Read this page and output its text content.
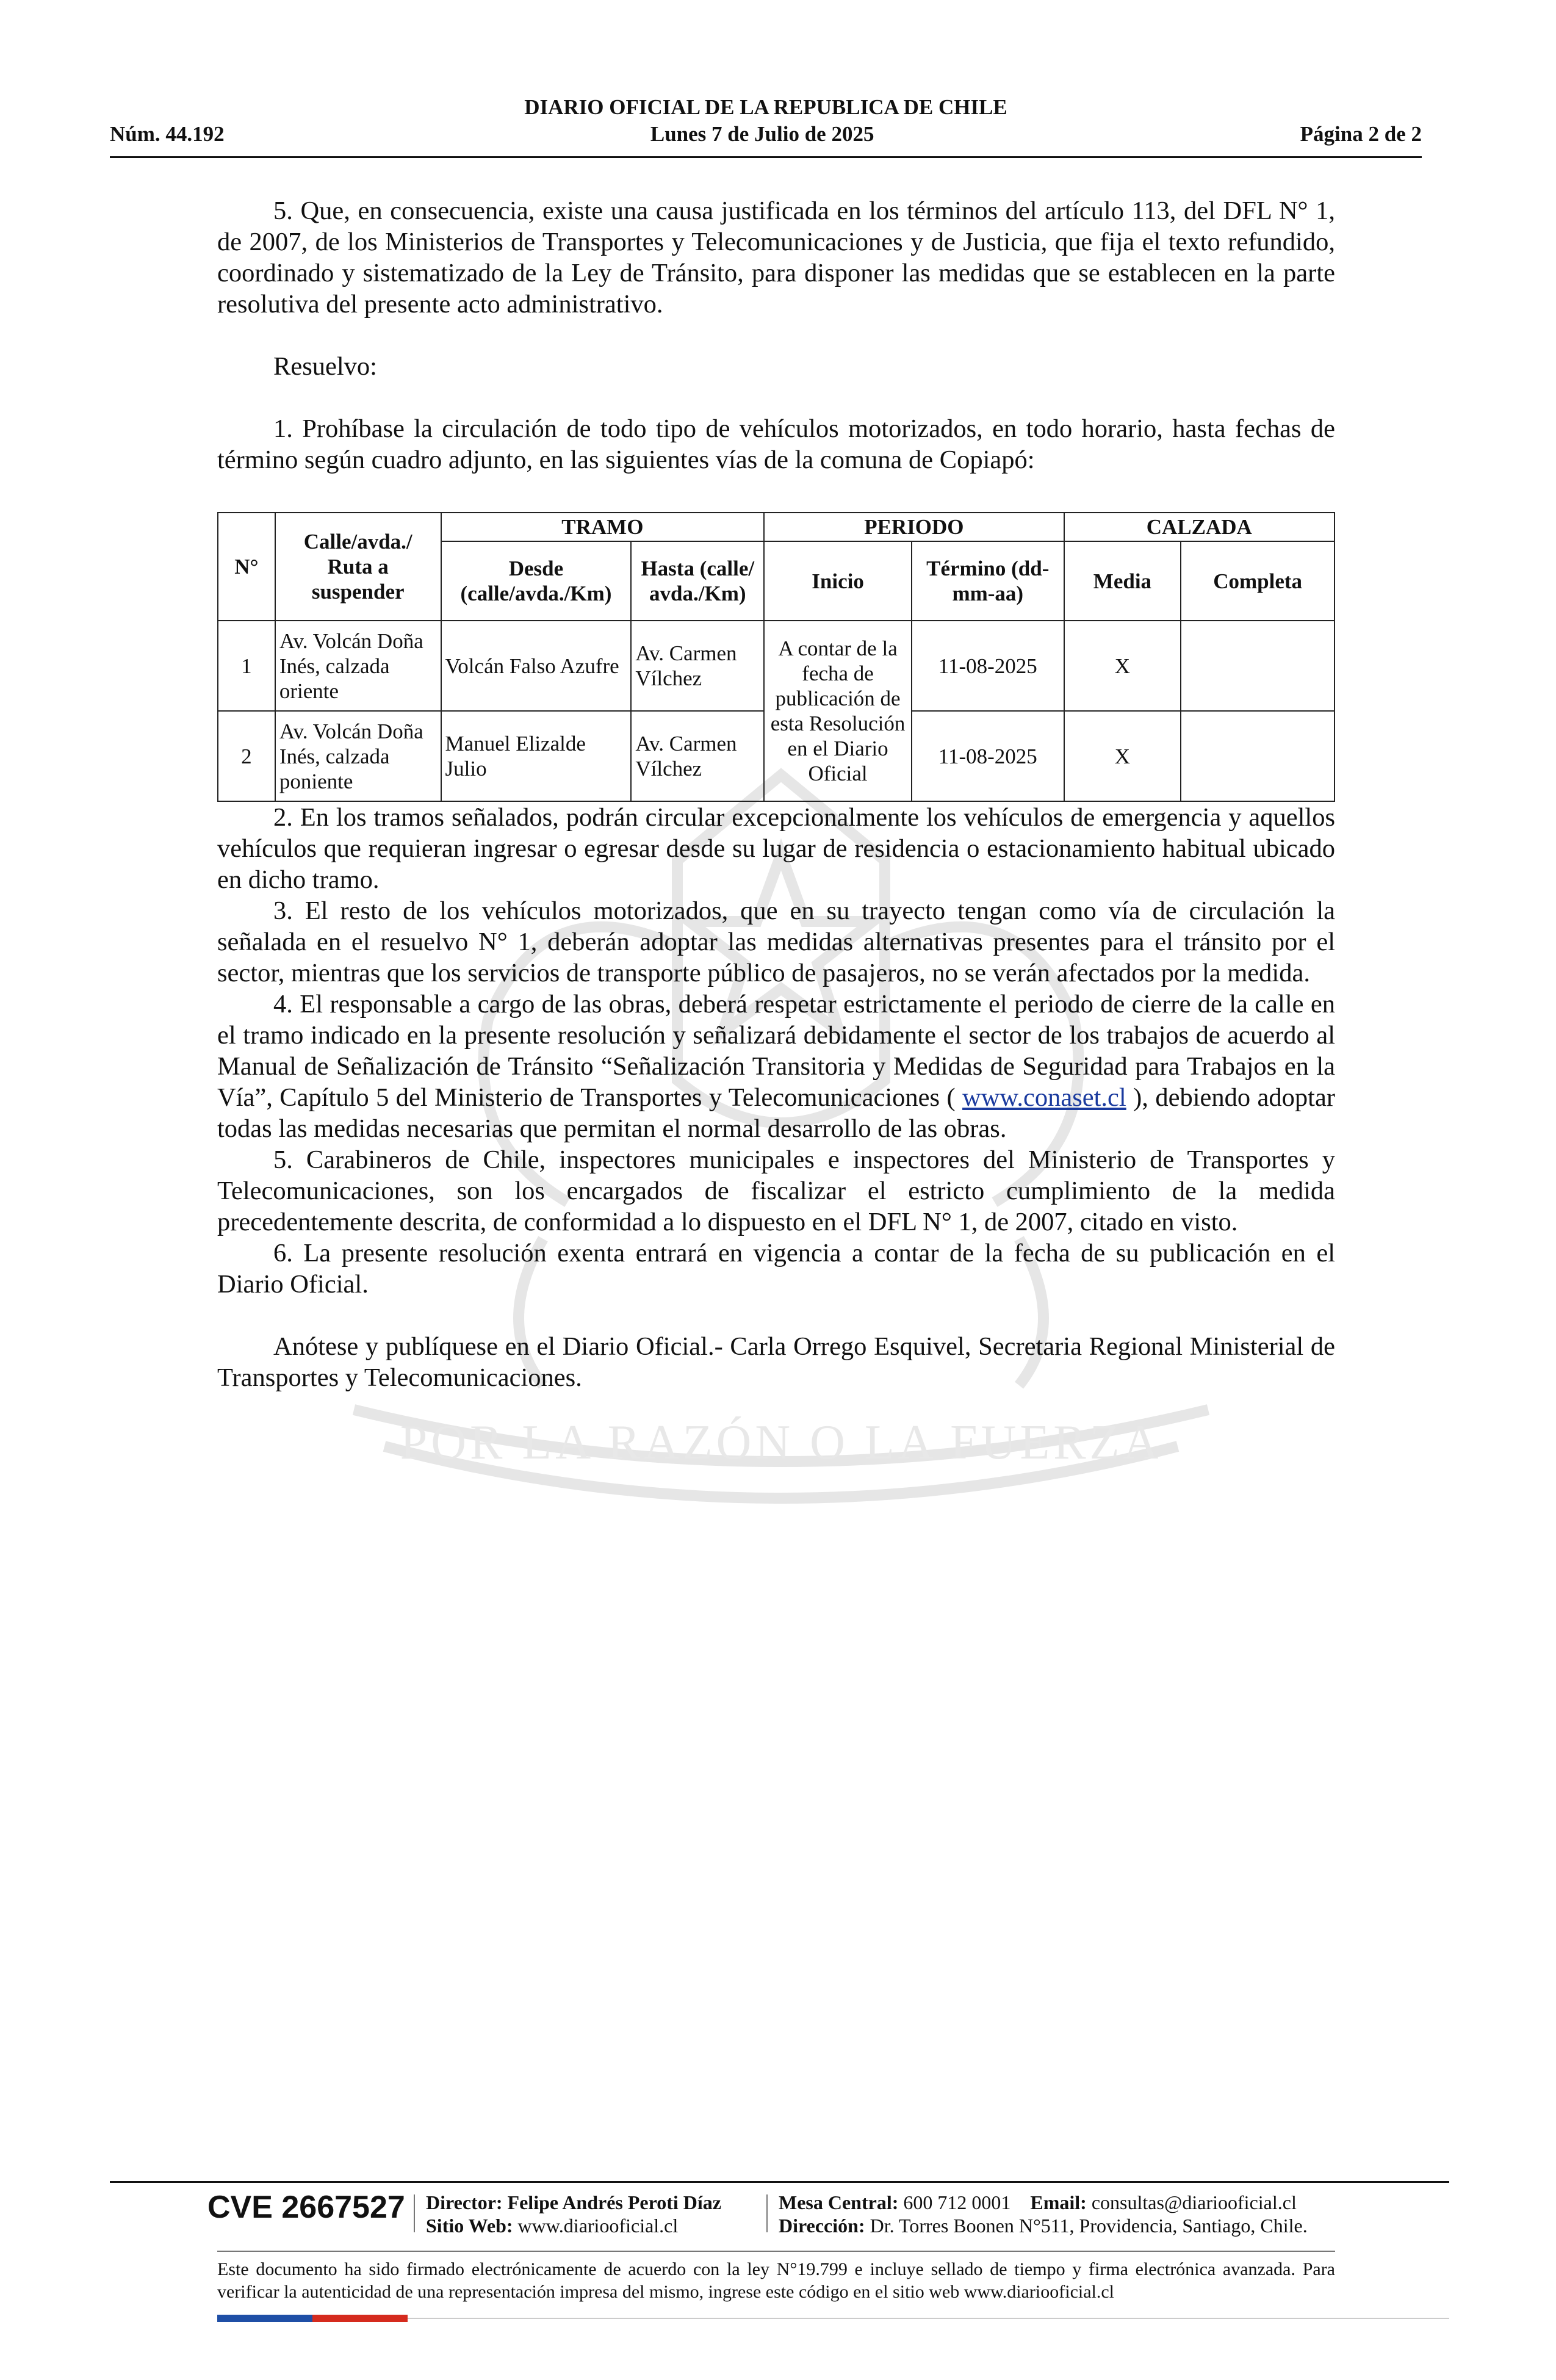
POR LA RAZÓN O LA FUERZA
DIARIO OFICIAL DE LA REPUBLICA DE CHILE
Núm. 44.192	Lunes 7 de Julio de 2025	Página 2 de 2

5. Que, en consecuencia, existe una causa justificada en los términos del artículo 113, del DFL N° 1, de 2007, de los Ministerios de Transportes y Telecomunicaciones y de Justicia, que fija el texto refundido, coordinado y sistematizado de la Ley de Tránsito, para disponer las medidas que se establecen en la parte resolutiva del presente acto administrativo.

Resuelvo:

1. Prohíbase la circulación de todo tipo de vehículos motorizados, en todo horario, hasta fechas de término según cuadro adjunto, en las siguientes vías de la comuna de Copiapó:

N°	Calle/avda./ Ruta a suspender	TRAMO		PERIODO		CALZADA	
		Desde (calle/avda./Km)	Hasta (calle/ avda./Km)	Inicio	Término (dd-mm-aa)	Media	Completa
1	Av. Volcán Doña Inés, calzada oriente	Volcán Falso Azufre	Av. Carmen Vílchez	A contar de la fecha de publicación de esta Resolución en el Diario Oficial	11-08-2025	X	
2	Av. Volcán Doña Inés, calzada poniente	Manuel Elizalde Julio	Av. Carmen Vílchez		11-08-2025	X	

2. En los tramos señalados, podrán circular excepcionalmente los vehículos de emergencia y aquellos vehículos que requieran ingresar o egresar desde su lugar de residencia o estacionamiento habitual ubicado en dicho tramo.

3. El resto de los vehículos motorizados, que en su trayecto tengan como vía de circulación la señalada en el resuelvo N° 1, deberán adoptar las medidas alternativas presentes para el tránsito por el sector, mientras que los servicios de transporte público de pasajeros, no se verán afectados por la medida.

4. El responsable a cargo de las obras, deberá respetar estrictamente el periodo de cierre de la calle en el tramo indicado en la presente resolución y señalizará debidamente el sector de los trabajos de acuerdo al Manual de Señalización de Tránsito “Señalización Transitoria y Medidas de Seguridad para Trabajos en la Vía”, Capítulo 5 del Ministerio de Transportes y Telecomunicaciones ( www.conaset.cl ), debiendo adoptar todas las medidas necesarias que permitan el normal desarrollo de las obras.

5. Carabineros de Chile, inspectores municipales e inspectores del Ministerio de Transportes y Telecomunicaciones, son los encargados de fiscalizar el estricto cumplimiento de la medida precedentemente descrita, de conformidad a lo dispuesto en el DFL N° 1, de 2007, citado en visto.

6. La presente resolución exenta entrará en vigencia a contar de la fecha de su publicación en el Diario Oficial.

Anótese y publíquese en el Diario Oficial.- Carla Orrego Esquivel, Secretaria Regional Ministerial de Transportes y Telecomunicaciones.

CVE 2667527 Director: Felipe Andrés Peroti Díaz
Sitio Web: www.diariooficial.cl
Mesa Central: 600 712 0001 Email: consultas@diariooficial.cl
Dirección: Dr. Torres Boonen N°511, Providencia, Santiago, Chile.
Este documento ha sido firmado electrónicamente de acuerdo con la ley N°19.799 e incluye sellado de tiempo y firma electrónica avanzada. Para verificar la autenticidad de una representación impresa del mismo, ingrese este código en el sitio web www.diariooficial.cl
